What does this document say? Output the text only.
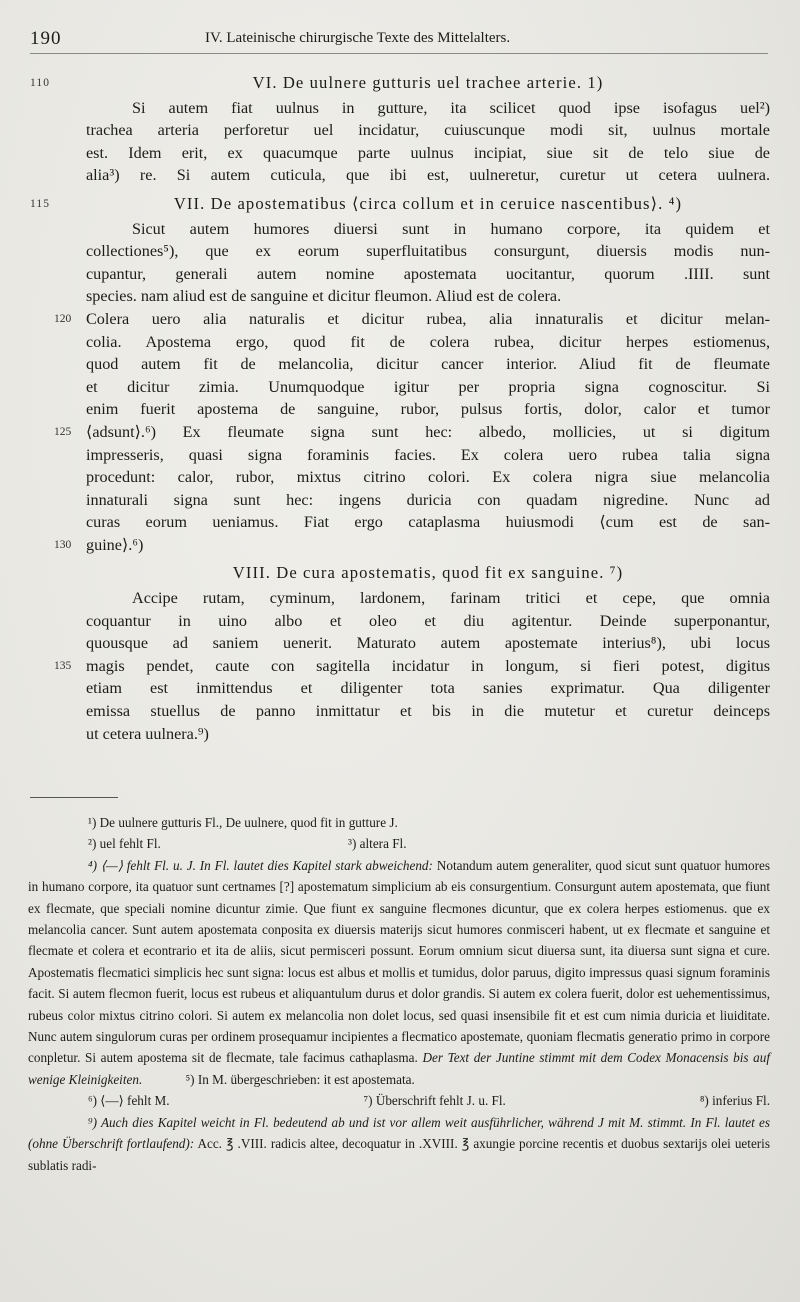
190	IV. Lateinische chirurgische Texte des Mittelalters.
110	VI. De uulnere gutturis uel trachee arterie. 1)
Si autem fiat uulnus in gutture, ita scilicet quod ipse isofagus uel²)
trachea arteria perforetur uel incidatur, cuiuscunque modi sit, uulnus mortale
est. Idem erit, ex quacumque parte uulnus incipiat, siue sit de telo siue de
alia³) re. Si autem cuticula, que ibi est, uulneretur, curetur ut cetera uulnera.
115	VII. De apostematibus ⟨circa collum et in ceruice nascentibus⟩. ⁴)
Sicut autem humores diuersi sunt in humano corpore, ita quidem et
collectiones⁵), que ex eorum superfluitatibus consurgunt, diuersis modis nun-
cupantur, generali autem nomine apostemata uocitantur, quorum .IIII. sunt
species. nam aliud est de sanguine et dicitur fleumon. Aliud est de colera.
120 Colera uero alia naturalis et dicitur rubea, alia innaturalis et dicitur melan-
colia. Apostema ergo, quod fit de colera rubea, dicitur herpes estiomenus,
quod autem fit de melancolia, dicitur cancer interior. Aliud fit de fleumate
et dicitur zimia. Unumquodque igitur per propria signa cognoscitur. Si
enim fuerit apostema de sanguine, rubor, pulsus fortis, dolor, calor et tumor
125 ⟨adsunt⟩.⁶) Ex fleumate signa sunt hec: albedo, mollicies, ut si digitum
impresseris, quasi signa foraminis facies. Ex colera uero rubea talia signa
procedunt: calor, rubor, mixtus citrino colori. Ex colera nigra siue melancolia
innaturali signa sunt hec: ingens duricia con quadam nigredine. Nunc ad
curas eorum ueniamus. Fiat ergo cataplasma huiusmodi ⟨cum est de san-
130 guine⟩.⁶)
VIII. De cura apostematis, quod fit ex sanguine. ⁷)
Accipe rutam, cyminum, lardonem, farinam tritici et cepe, que omnia
coquantur in uino albo et oleo et diu agitentur. Deinde superponantur,
quousque ad saniem uenerit. Maturato autem apostemate interius⁸), ubi locus
135 magis pendet, caute con sagitella incidatur in longum, si fieri potest, digitus
etiam est inmittendus et diligenter tota sanies exprimatur. Qua diligenter
emissa stuellus de panno inmittatur et bis in die mutetur et curetur deinceps
ut cetera uulnera.⁹)

¹) De uulnere gutturis Fl., De uulnere, quod fit in gutture J.

²) uel fehlt Fl.	³) altera Fl.

⁴) ⟨—⟩ fehlt Fl. u. J. In Fl. lautet dies Kapitel stark abweichend: Notandum autem generaliter, quod sicut sunt quatuor humores in humano corpore, ita quatuor sunt certnames [?] apostematum simplicium ab eis consurgentium. Consurgunt autem apostemata, que fiunt ex flecmate, que speciali nomine dicuntur zimie. Que fiunt ex sanguine flecmones dicuntur, que ex colera herpes estiomenus. que ex melancolia cancer. Sunt autem apostemata conposita ex diuersis materijs sicut humores conmisceri habent, ut ex flecmate et sanguine et flecmate et colera et econtrario et ita de aliis, sicut permisceri possunt. Eorum omnium sicut diuersa sunt, ita diuersa sunt signa et cure. Apostematis flecmatici simplicis hec sunt signa: locus est albus et mollis et tumidus, dolor paruus, digito impressus quasi signum foraminis facit. Si autem flecmon fuerit, locus est rubeus et aliquantulum durus et dolor grandis. Si autem ex colera fuerit, dolor est uehementissimus, rubeus color mixtus citrino colori. Si autem ex melancolia non dolet locus, sed quasi insensibile fit et est cum nimia duricia et liuiditate. Nunc autem singulorum curas per ordinem prosequamur incipientes a flecmatico apostemate, quoniam flecmatis generatio primo in corpore conpletur. Si autem apostema sit de flecmate, tale facimus cathaplasma. Der Text der Juntine stimmt mit dem Codex Monacensis bis auf wenige Kleinigkeiten.	⁵) In M. übergeschrieben: it est apostemata.

⁶) ⟨—⟩ fehlt M.	⁷) Überschrift fehlt J. u. Fl.	⁸) inferius Fl.

⁹) Auch dies Kapitel weicht in Fl. bedeutend ab und ist vor allem weit ausführlicher, während J mit M. stimmt. In Fl. lautet es (ohne Überschrift fortlaufend): Acc. ℥ .VIII. radicis altee, decoquatur in .XVIII. ℥ axungie porcine recentis et duobus sextarijs olei ueteris sublatis radi-
